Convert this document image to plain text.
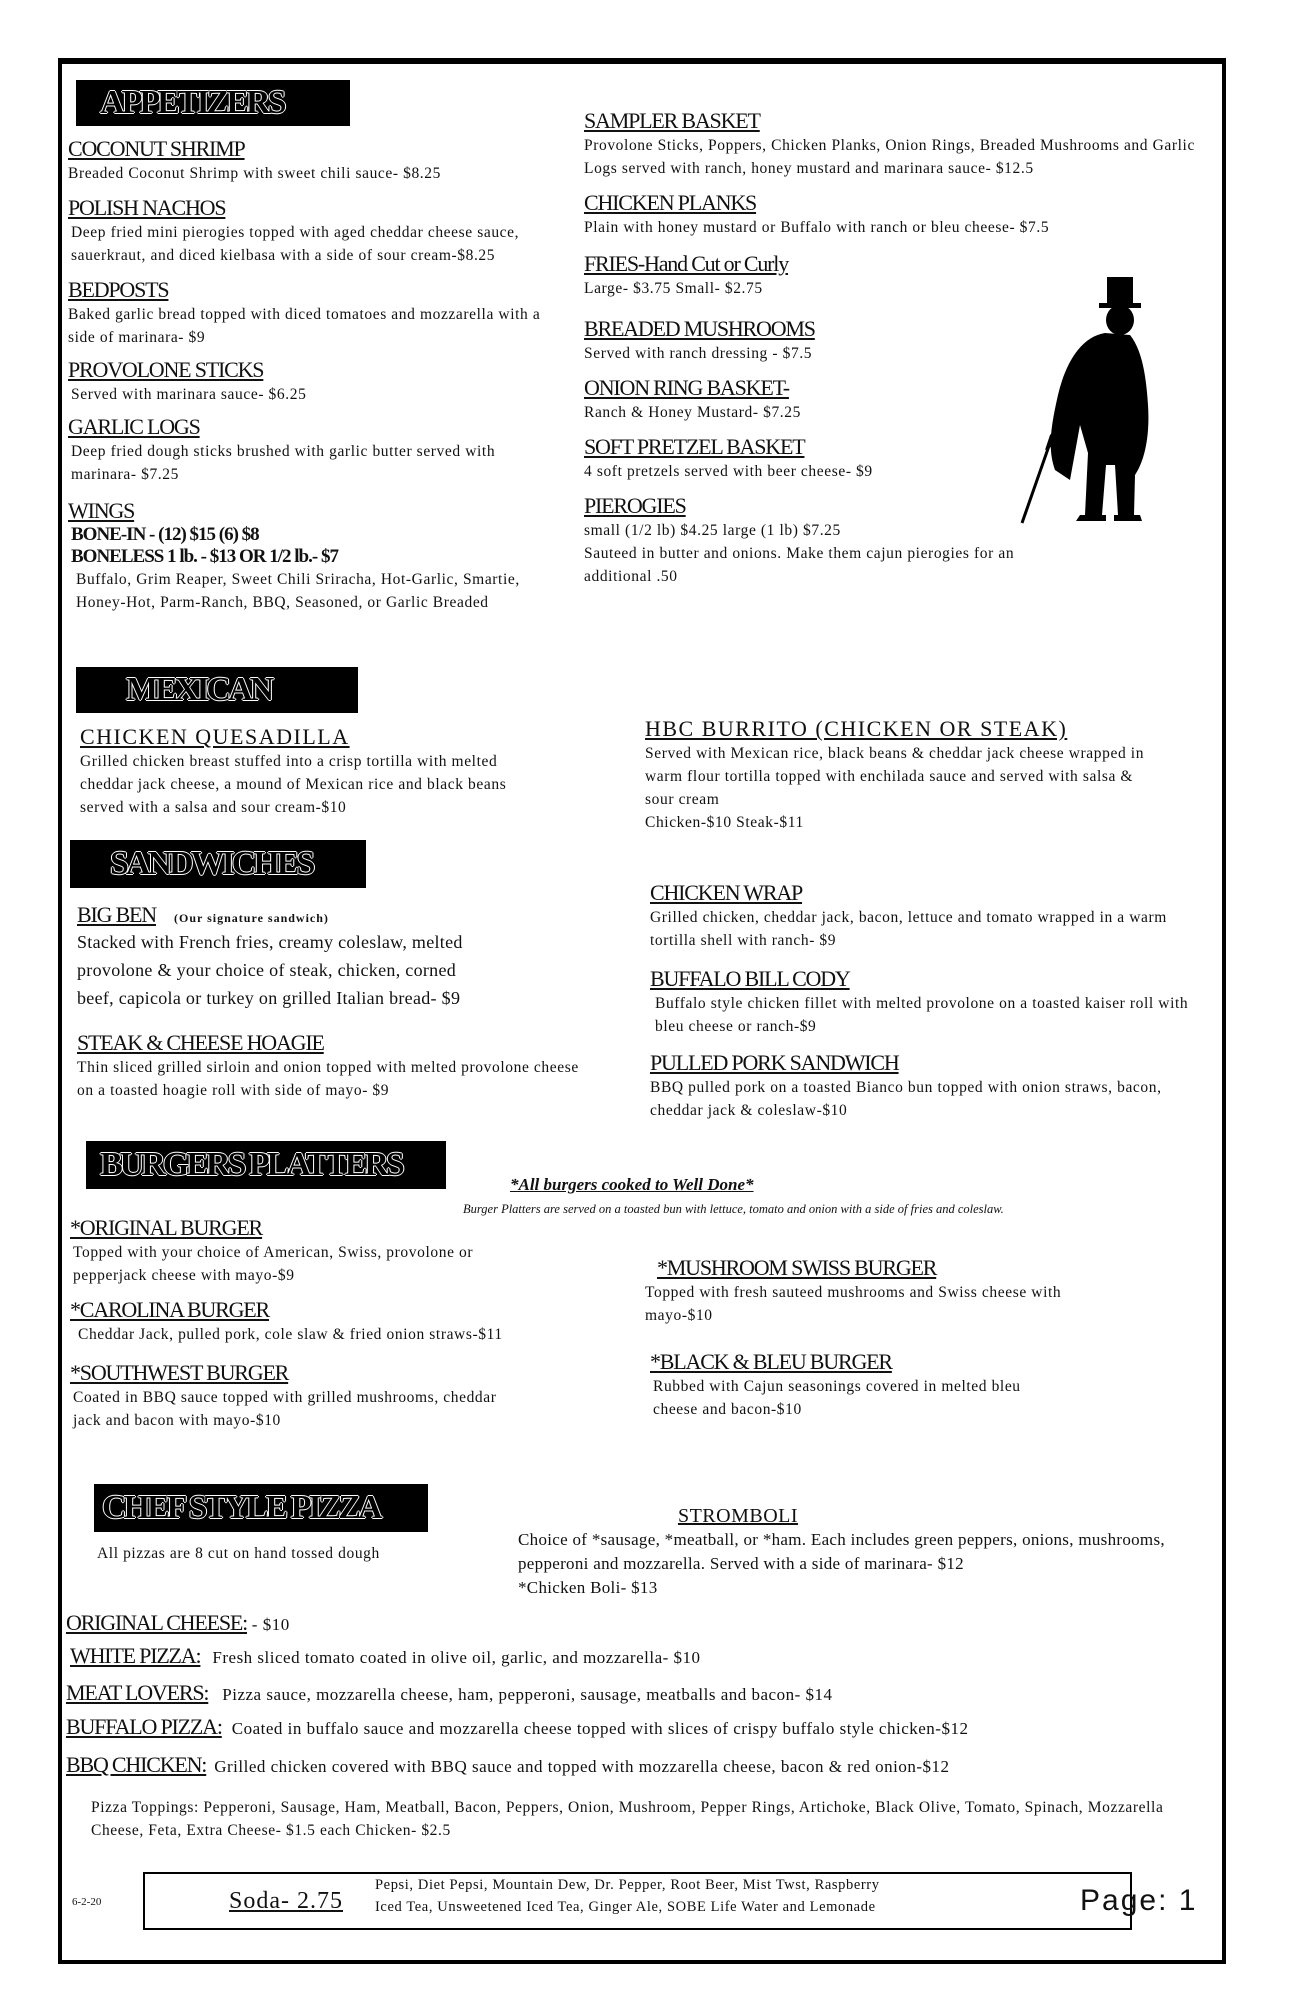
APPETIZERS
COCONUT SHRIMP
Breaded Coconut Shrimp with sweet chili sauce- $8.25
POLISH NACHOS
Deep fried mini pierogies topped with aged cheddar cheese sauce, sauerkraut, and diced kielbasa with a side of sour cream-$8.25
BEDPOSTS
Baked garlic bread topped with diced tomatoes and mozzarella with a side of marinara- $9
PROVOLONE STICKS
Served with marinara sauce- $6.25
GARLIC LOGS
Deep fried dough sticks brushed with garlic butter served with marinara- $7.25
WINGS
BONE-IN - (12) $15 (6) $8
BONELESS 1 lb. - $13 OR 1/2 lb.- $7
Buffalo, Grim Reaper, Sweet Chili Sriracha, Hot-Garlic, Smartie, Honey-Hot, Parm-Ranch, BBQ, Seasoned, or Garlic Breaded
SAMPLER BASKET
Provolone Sticks, Poppers, Chicken Planks, Onion Rings, Breaded Mushrooms and Garlic Logs served with ranch, honey mustard and marinara sauce- $12.5
CHICKEN PLANKS
Plain with honey mustard or Buffalo with ranch or bleu cheese- $7.5
FRIES-Hand Cut or Curly
Large- $3.75 Small- $2.75
BREADED MUSHROOMS
Served with ranch dressing - $7.5
ONION RING BASKET-
Ranch & Honey Mustard- $7.25
SOFT PRETZEL BASKET
4 soft pretzels served with beer cheese- $9
PIEROGIES
small (1/2 lb) $4.25 large (1 lb) $7.25
Sauteed in butter and onions. Make them cajun pierogies for an additional .50
MEXICAN
CHICKEN QUESADILLA
Grilled chicken breast stuffed into a crisp tortilla with melted cheddar jack cheese, a mound of Mexican rice and black beans served with a salsa and sour cream-$10
HBC BURRITO (CHICKEN OR STEAK)
Served with Mexican rice, black beans & cheddar jack cheese wrapped in warm flour tortilla topped with enchilada sauce and served with salsa & sour cream
Chicken-$10 Steak-$11
SANDWICHES
BIG BEN (Our signature sandwich)
Stacked with French fries, creamy coleslaw, melted provolone & your choice of steak, chicken, corned beef, capicola or turkey on grilled Italian bread- $9
STEAK & CHEESE HOAGIE
Thin sliced grilled sirloin and onion topped with melted provolone cheese on a toasted hoagie roll with side of mayo- $9
CHICKEN WRAP
Grilled chicken, cheddar jack, bacon, lettuce and tomato wrapped in a warm tortilla shell with ranch- $9
BUFFALO BILL CODY
Buffalo style chicken fillet with melted provolone on a toasted kaiser roll with bleu cheese or ranch-$9
PULLED PORK SANDWICH
BBQ pulled pork on a toasted Bianco bun topped with onion straws, bacon, cheddar jack & coleslaw-$10
BURGERS PLATTERS
*All burgers cooked to Well Done*
Burger Platters are served on a toasted bun with lettuce, tomato and onion with a side of fries and coleslaw.
*ORIGINAL BURGER
Topped with your choice of American, Swiss, provolone or pepperjack cheese with mayo-$9
*CAROLINA BURGER
Cheddar Jack, pulled pork, cole slaw & fried onion straws-$11
*SOUTHWEST BURGER
Coated in BBQ sauce topped with grilled mushrooms, cheddar jack and bacon with mayo-$10
*MUSHROOM SWISS BURGER
Topped with fresh sauteed mushrooms and Swiss cheese with mayo-$10
*BLACK & BLEU BURGER
Rubbed with Cajun seasonings covered in melted bleu cheese and bacon-$10
CHEF STYLE PIZZA
All pizzas are 8 cut on hand tossed dough
STROMBOLI
Choice of *sausage, *meatball, or *ham. Each includes green peppers, onions, mushrooms, pepperoni and mozzarella. Served with a side of marinara- $12
*Chicken Boli- $13
ORIGINAL CHEESE: - $10
WHITE PIZZA: Fresh sliced tomato coated in olive oil, garlic, and mozzarella- $10
MEAT LOVERS: Pizza sauce, mozzarella cheese, ham, pepperoni, sausage, meatballs and bacon- $14
BUFFALO PIZZA: Coated in buffalo sauce and mozzarella cheese topped with slices of crispy buffalo style chicken-$12
BBQ CHICKEN: Grilled chicken covered with BBQ sauce and topped with mozzarella cheese, bacon & red onion-$12
Pizza Toppings: Pepperoni, Sausage, Ham, Meatball, Bacon, Peppers, Onion, Mushroom, Pepper Rings, Artichoke, Black Olive, Tomato, Spinach, Mozzarella Cheese, Feta, Extra Cheese- $1.5 each Chicken- $2.5
6-2-20	Soda- 2.75
Pepsi, Diet Pepsi, Mountain Dew, Dr. Pepper, Root Beer, Mist Twst, Raspberry
Iced Tea, Unsweetened Iced Tea, Ginger Ale, SOBE Life Water and Lemonade	Page: 1
